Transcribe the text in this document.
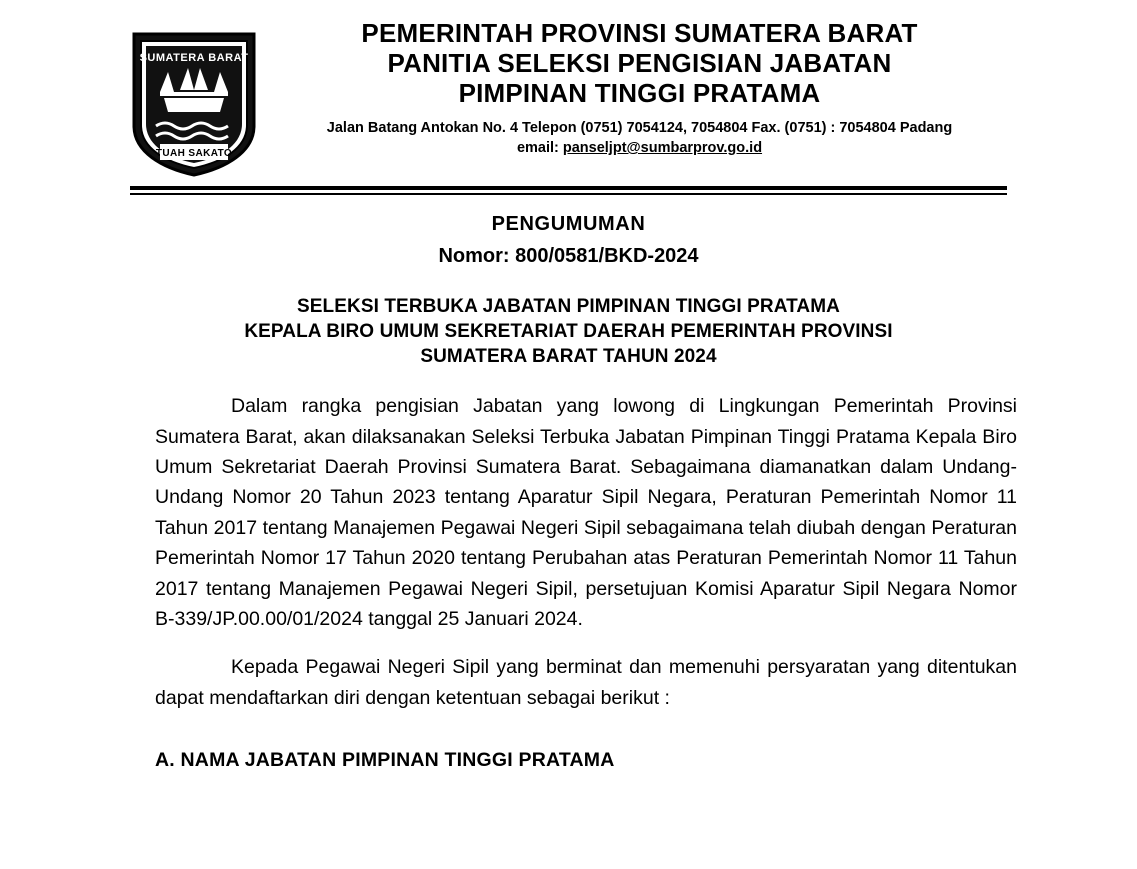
SUMATERA BARAT
TUAH SAKATO
PEMERINTAH PROVINSI SUMATERA BARAT
PANITIA SELEKSI PENGISIAN JABATAN
PIMPINAN TINGGI PRATAMA
Jalan Batang Antokan No. 4 Telepon (0751) 7054124, 7054804 Fax. (0751) : 7054804 Padang
email: panseljpt@sumbarprov.go.id
PENGUMUMAN
Nomor: 800/0581/BKD-2024
SELEKSI TERBUKA JABATAN PIMPINAN TINGGI PRATAMA
KEPALA BIRO UMUM SEKRETARIAT DAERAH PEMERINTAH PROVINSI
SUMATERA BARAT TAHUN 2024

Dalam rangka pengisian Jabatan yang lowong di Lingkungan Pemerintah Provinsi Sumatera Barat, akan dilaksanakan Seleksi Terbuka Jabatan Pimpinan Tinggi Pratama Kepala Biro Umum Sekretariat Daerah Provinsi Sumatera Barat. Sebagaimana diamanatkan dalam Undang-Undang Nomor 20 Tahun 2023 tentang Aparatur Sipil Negara, Peraturan Pemerintah Nomor 11 Tahun 2017 tentang Manajemen Pegawai Negeri Sipil sebagaimana telah diubah dengan Peraturan Pemerintah Nomor 17 Tahun 2020 tentang Perubahan atas Peraturan Pemerintah Nomor 11 Tahun 2017 tentang Manajemen Pegawai Negeri Sipil, persetujuan Komisi Aparatur Sipil Negara Nomor B-339/JP.00.00/01/2024 tanggal 25 Januari 2024.

Kepada Pegawai Negeri Sipil yang berminat dan memenuhi persyaratan yang ditentukan dapat mendaftarkan diri dengan ketentuan sebagai berikut :

A. NAMA JABATAN PIMPINAN TINGGI PRATAMA
